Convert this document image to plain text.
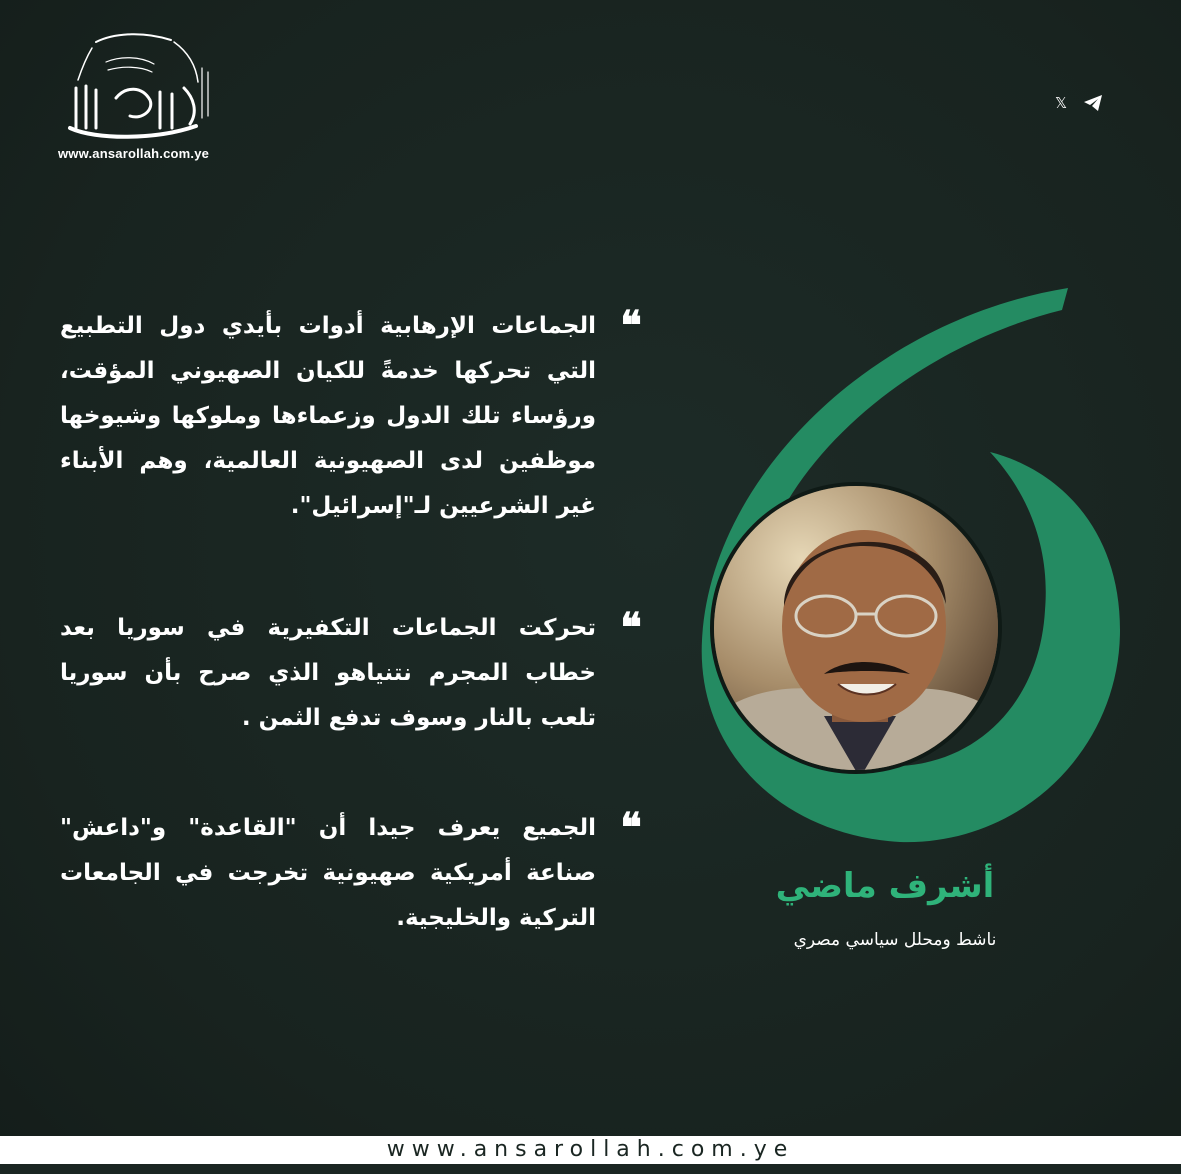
www.ansarollah.com.ye
𝕏
أشرف ماضي
ناشط ومحلل سياسي مصري
❝
❝
❝
الجماعات الإرهابية أدوات بأيدي دول التطبيع التي تحركها خدمةً للكيان الصهيوني المؤقت، ورؤساء تلك الدول وزعماءها وملوكها وشيوخها موظفين لدى الصهيونية العالمية، وهم الأبناء غير الشرعيين لـ"إسرائيل".
تحركت الجماعات التكفيرية في سوريا بعد خطاب المجرم نتنياهو الذي صرح بأن سوريا تلعب بالنار وسوف تدفع الثمن .
الجميع يعرف جيدا أن "القاعدة" و"داعش" صناعة أمريكية صهيونية تخرجت في الجامعات التركية والخليجية.
www.ansarollah.com.ye
